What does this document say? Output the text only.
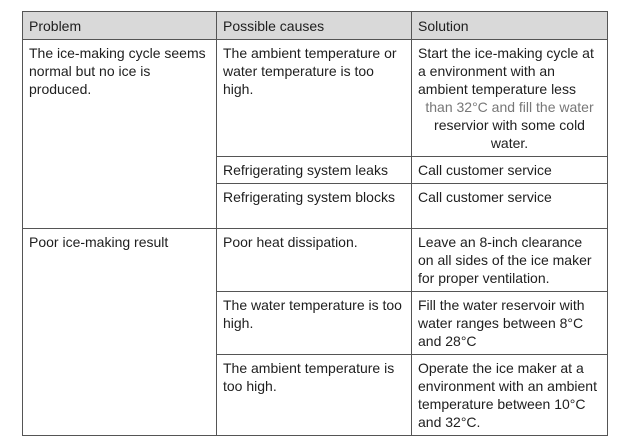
Problem	Possible causes	Solution
The ice-making cycle seems normal but no ice is produced.	The ambient temperature or water temperature is too high.	Start the ice-making cycle at a environment with an ambient temperature less
than 32°C and fill the water
reservior with some cold water.

	Refrigerating system leaks	Call customer service
	Refrigerating system blocks	Call customer service
Poor ice-making result	Poor heat dissipation.	Leave an 8-inch clearance on all sides of the ice maker for proper ventilation.
	The water temperature is too high.	Fill the water reservoir with water ranges between 8°C and 28°C
	The ambient temperature is too high.	Operate the ice maker at a environment with an ambient temperature between 10°C and 32°C.
